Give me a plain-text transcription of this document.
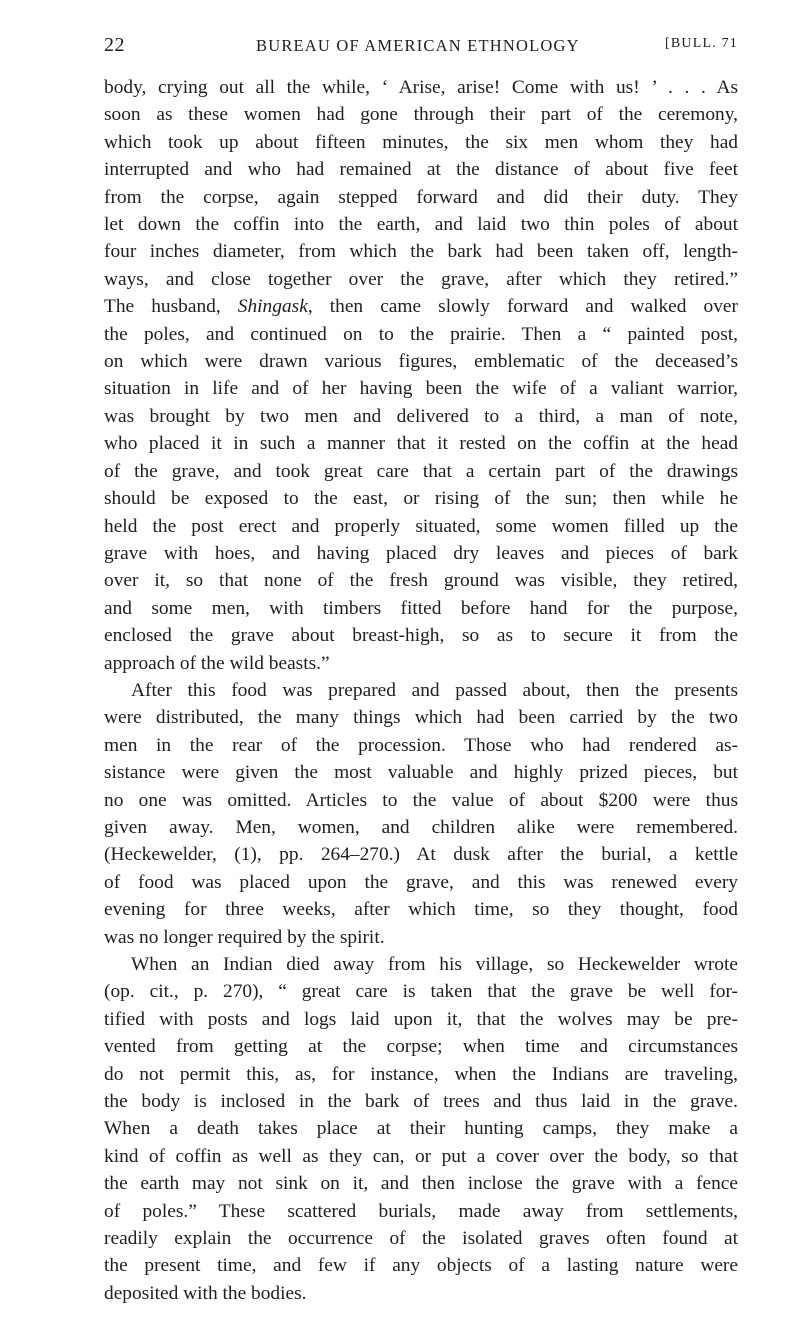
22	BUREAU OF AMERICAN ETHNOLOGY	[BULL. 71
body, crying out all the while, ‘ Arise, arise! Come with us! ’ . . . As
soon as these women had gone through their part of the ceremony,
which took up about fifteen minutes, the six men whom they had
interrupted and who had remained at the distance of about five feet
from the corpse, again stepped forward and did their duty. They
let down the coffin into the earth, and laid two thin poles of about
four inches diameter, from which the bark had been taken off, length-
ways, and close together over the grave, after which they retired.”
The husband, Shingask, then came slowly forward and walked over
the poles, and continued on to the prairie. Then a “ painted post,
on which were drawn various figures, emblematic of the deceased’s
situation in life and of her having been the wife of a valiant warrior,
was brought by two men and delivered to a third, a man of note,
who placed it in such a manner that it rested on the coffin at the head
of the grave, and took great care that a certain part of the drawings
should be exposed to the east, or rising of the sun; then while he
held the post erect and properly situated, some women filled up the
grave with hoes, and having placed dry leaves and pieces of bark
over it, so that none of the fresh ground was visible, they retired,
and some men, with timbers fitted before hand for the purpose,
enclosed the grave about breast-high, so as to secure it from the
approach of the wild beasts.”
After this food was prepared and passed about, then the presents
were distributed, the many things which had been carried by the two
men in the rear of the procession. Those who had rendered as-
sistance were given the most valuable and highly prized pieces, but
no one was omitted. Articles to the value of about $200 were thus
given away. Men, women, and children alike were remembered.
(Heckewelder, (1), pp. 264–270.) At dusk after the burial, a kettle
of food was placed upon the grave, and this was renewed every
evening for three weeks, after which time, so they thought, food
was no longer required by the spirit.
When an Indian died away from his village, so Heckewelder wrote
(op. cit., p. 270), “ great care is taken that the grave be well for-
tified with posts and logs laid upon it, that the wolves may be pre-
vented from getting at the corpse; when time and circumstances
do not permit this, as, for instance, when the Indians are traveling,
the body is inclosed in the bark of trees and thus laid in the grave.
When a death takes place at their hunting camps, they make a
kind of coffin as well as they can, or put a cover over the body, so that
the earth may not sink on it, and then inclose the grave with a fence
of poles.” These scattered burials, made away from settlements,
readily explain the occurrence of the isolated graves often found at
the present time, and few if any objects of a lasting nature were
deposited with the bodies.
